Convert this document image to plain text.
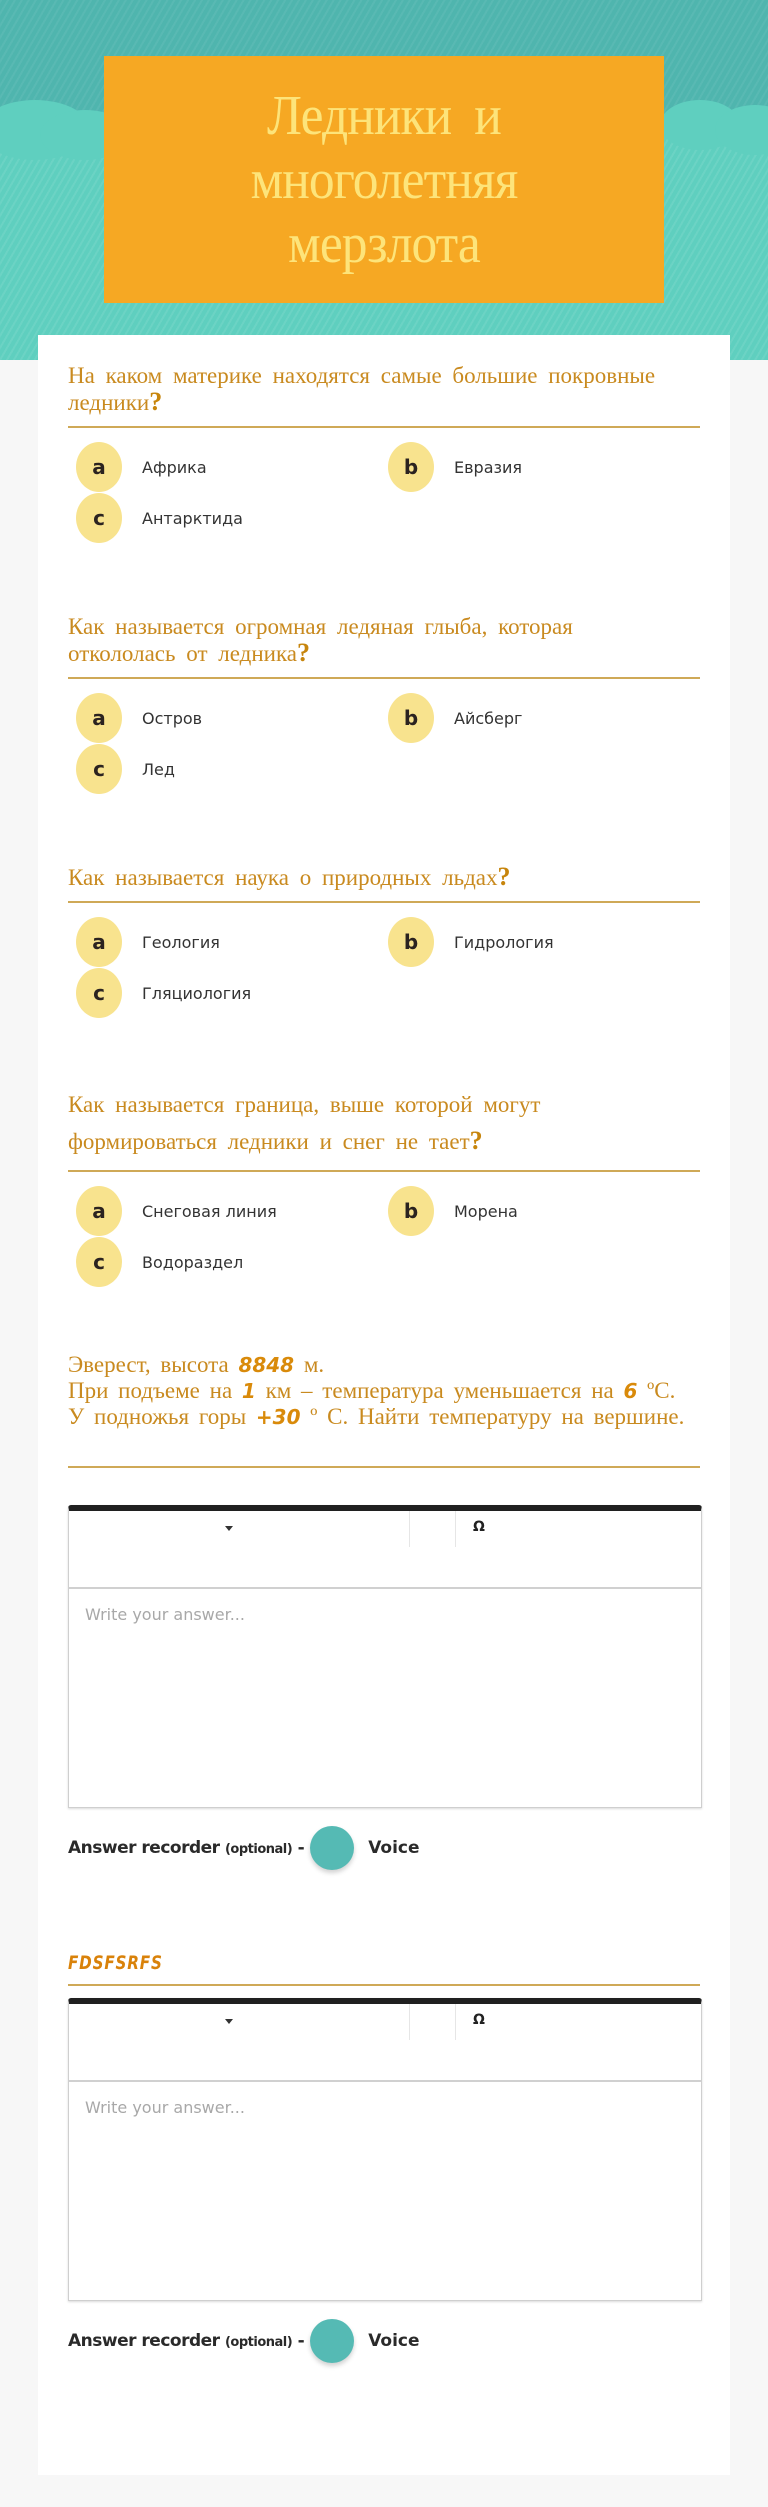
Ледники и многолетняя мерзлота
На каком материке находятся самые большие покровные ледники?
a	Африка	b	Евразия
c	Антарктида
Как называется огромная ледяная глыба, которая откололась от ледника?
a	Остров	b	Айсберг
c	Лед
Как называется наука о природных льдах?
a	Геология	b	Гидрология
c	Гляциология
Как называется граница, выше которой могут формироваться ледники и снег не тает?
a	Снеговая линия	b	Морена
c	Водораздел
Эверест, высота 8848 м.
При подъеме на 1 км – температура уменьшается на 6 ºС.
У подножья горы +30 º С. Найти температуру на вершине.
Ω
Write your answer...
Answer recorder (optional) -	Voice
FDSFSRFS
Ω
Write your answer...
Answer recorder (optional) -	Voice
